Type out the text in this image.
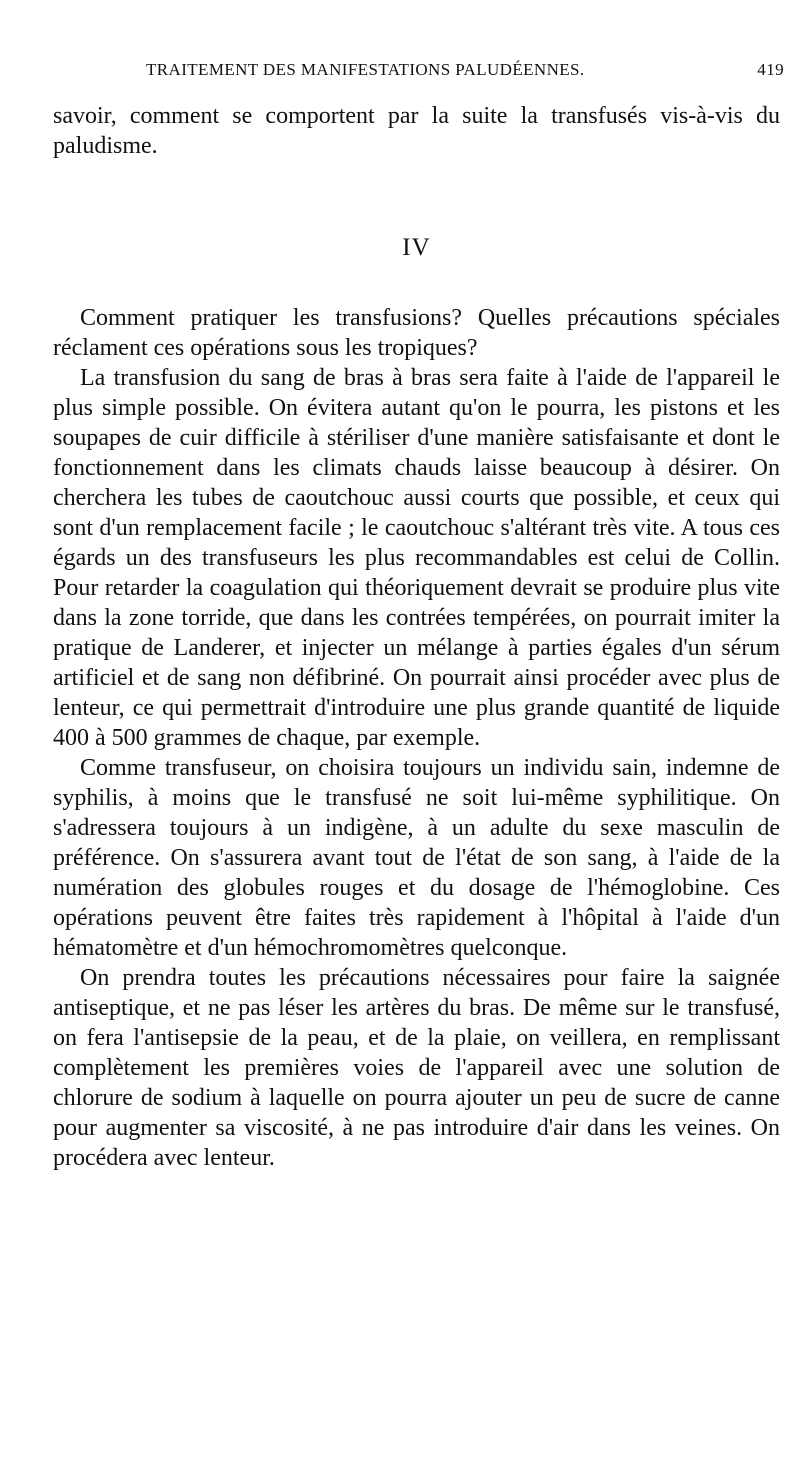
TRAITEMENT DES MANIFESTATIONS PALUDÉENNES.	419

savoir, comment se comportent par la suite la transfusés vis-à-vis du paludisme.

IV

Comment pratiquer les transfusions? Quelles précautions spéciales réclament ces opérations sous les tropiques?

La transfusion du sang de bras à bras sera faite à l'aide de l'appareil le plus simple possible. On évitera autant qu'on le pourra, les pistons et les soupapes de cuir difficile à stériliser d'une manière satisfaisante et dont le fonctionnement dans les climats chauds laisse beaucoup à désirer. On cherchera les tubes de caoutchouc aussi courts que possible, et ceux qui sont d'un remplacement facile ; le caoutchouc s'altérant très vite. A tous ces égards un des transfuseurs les plus recommandables est celui de Collin. Pour retarder la coagulation qui théoriquement devrait se produire plus vite dans la zone torride, que dans les contrées tempérées, on pourrait imiter la pratique de Landerer, et injecter un mélange à parties égales d'un sérum artificiel et de sang non défibriné. On pourrait ainsi procéder avec plus de lenteur, ce qui permettrait d'introduire une plus grande quantité de liquide 400 à 500 grammes de chaque, par exemple.

Comme transfuseur, on choisira toujours un individu sain, indemne de syphilis, à moins que le transfusé ne soit lui-même syphilitique. On s'adressera toujours à un indigène, à un adulte du sexe masculin de préférence. On s'assurera avant tout de l'état de son sang, à l'aide de la numération des globules rouges et du dosage de l'hémoglobine. Ces opérations peuvent être faites très rapidement à l'hôpital à l'aide d'un hématomètre et d'un hémochromomètres quelconque.

On prendra toutes les précautions nécessaires pour faire la saignée antiseptique, et ne pas léser les artères du bras. De même sur le transfusé, on fera l'antisepsie de la peau, et de la plaie, on veillera, en remplissant complètement les premières voies de l'appareil avec une solution de chlorure de sodium à laquelle on pourra ajouter un peu de sucre de canne pour augmenter sa viscosité, à ne pas introduire d'air dans les veines. On procédera avec lenteur.
